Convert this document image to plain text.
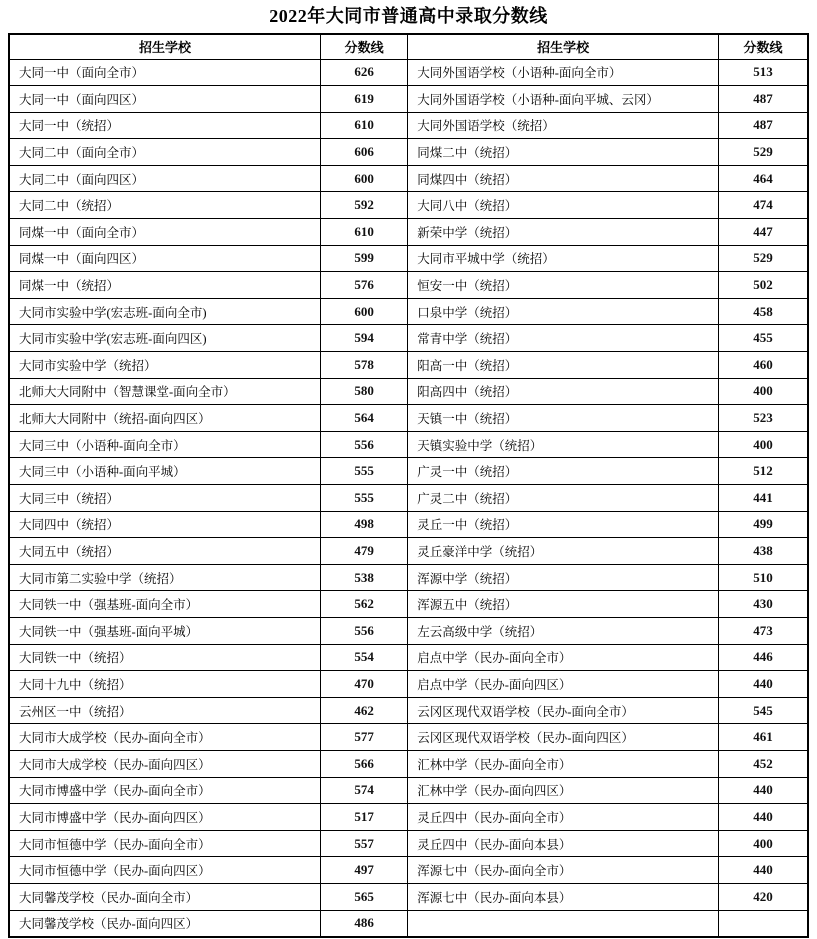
2022年大同市普通高中录取分数线
招生学校	分数线	招生学校	分数线
大同一中（面向全市）	626	大同外国语学校（小语种-面向全市）	513
大同一中（面向四区）	619	大同外国语学校（小语种-面向平城、云冈）	487
大同一中（统招）	610	大同外国语学校（统招）	487
大同二中（面向全市）	606	同煤二中（统招）	529
大同二中（面向四区）	600	同煤四中（统招）	464
大同二中（统招）	592	大同八中（统招）	474
同煤一中（面向全市）	610	新荣中学（统招）	447
同煤一中（面向四区）	599	大同市平城中学（统招）	529
同煤一中（统招）	576	恒安一中（统招）	502
大同市实验中学(宏志班-面向全市)	600	口泉中学（统招）	458
大同市实验中学(宏志班-面向四区)	594	常青中学（统招）	455
大同市实验中学（统招）	578	阳高一中（统招）	460
北师大大同附中（智慧课堂-面向全市）	580	阳高四中（统招）	400
北师大大同附中（统招-面向四区）	564	天镇一中（统招）	523
大同三中（小语种-面向全市）	556	天镇实验中学（统招）	400
大同三中（小语种-面向平城）	555	广灵一中（统招）	512
大同三中（统招）	555	广灵二中（统招）	441
大同四中（统招）	498	灵丘一中（统招）	499
大同五中（统招）	479	灵丘豪洋中学（统招）	438
大同市第二实验中学（统招）	538	浑源中学（统招）	510
大同铁一中（强基班-面向全市）	562	浑源五中（统招）	430
大同铁一中（强基班-面向平城）	556	左云高级中学（统招）	473
大同铁一中（统招）	554	启点中学（民办-面向全市）	446
大同十九中（统招）	470	启点中学（民办-面向四区）	440
云州区一中（统招）	462	云冈区现代双语学校（民办-面向全市）	545
大同市大成学校（民办-面向全市）	577	云冈区现代双语学校（民办-面向四区）	461
大同市大成学校（民办-面向四区）	566	汇林中学（民办-面向全市）	452
大同市博盛中学（民办-面向全市）	574	汇林中学（民办-面向四区）	440
大同市博盛中学（民办-面向四区）	517	灵丘四中（民办-面向全市）	440
大同市恒德中学（民办-面向全市）	557	灵丘四中（民办-面向本县）	400
大同市恒德中学（民办-面向四区）	497	浑源七中（民办-面向全市）	440
大同馨茂学校（民办-面向全市）	565	浑源七中（民办-面向本县）	420
大同馨茂学校（民办-面向四区）	486		
